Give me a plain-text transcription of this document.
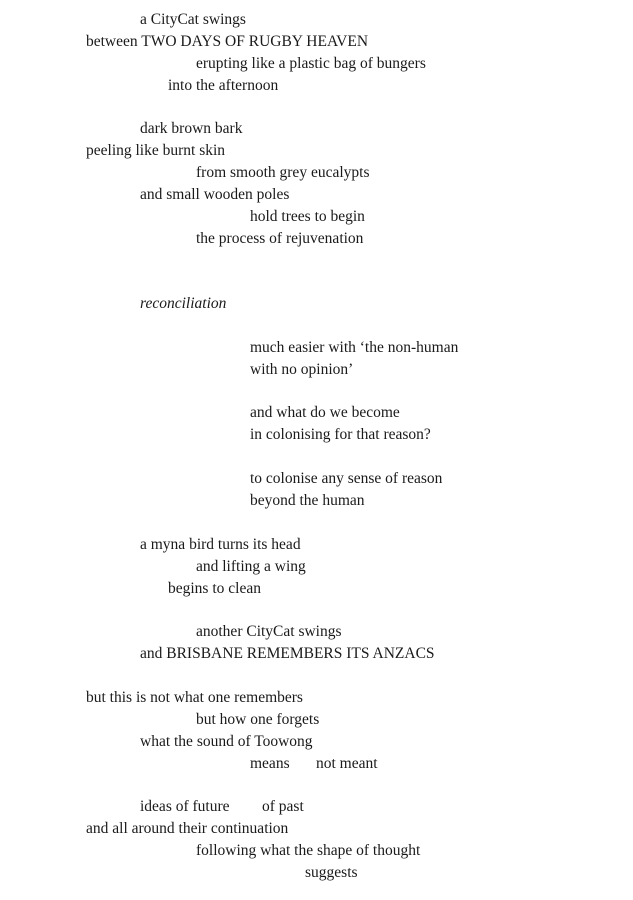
a CityCat swings
between TWO DAYS OF RUGBY HEAVEN
erupting like a plastic bag of bungers
into the afternoon
dark brown bark
peeling like burnt skin
from smooth grey eucalypts
and small wooden poles
hold trees to begin
the process of rejuvenation
reconciliation
much easier with ‘the non-human
with no opinion’
and what do we become
in colonising for that reason?
to colonise any sense of reason
beyond the human
a myna bird turns its head
and lifting a wing
begins to clean
another CityCat swings
and BRISBANE REMEMBERS ITS ANZACS
but this is not what one remembers
but how one forgets
what the sound of Toowong
means not meant
ideas of future of past
and all around their continuation
following what the shape of thought
suggests
